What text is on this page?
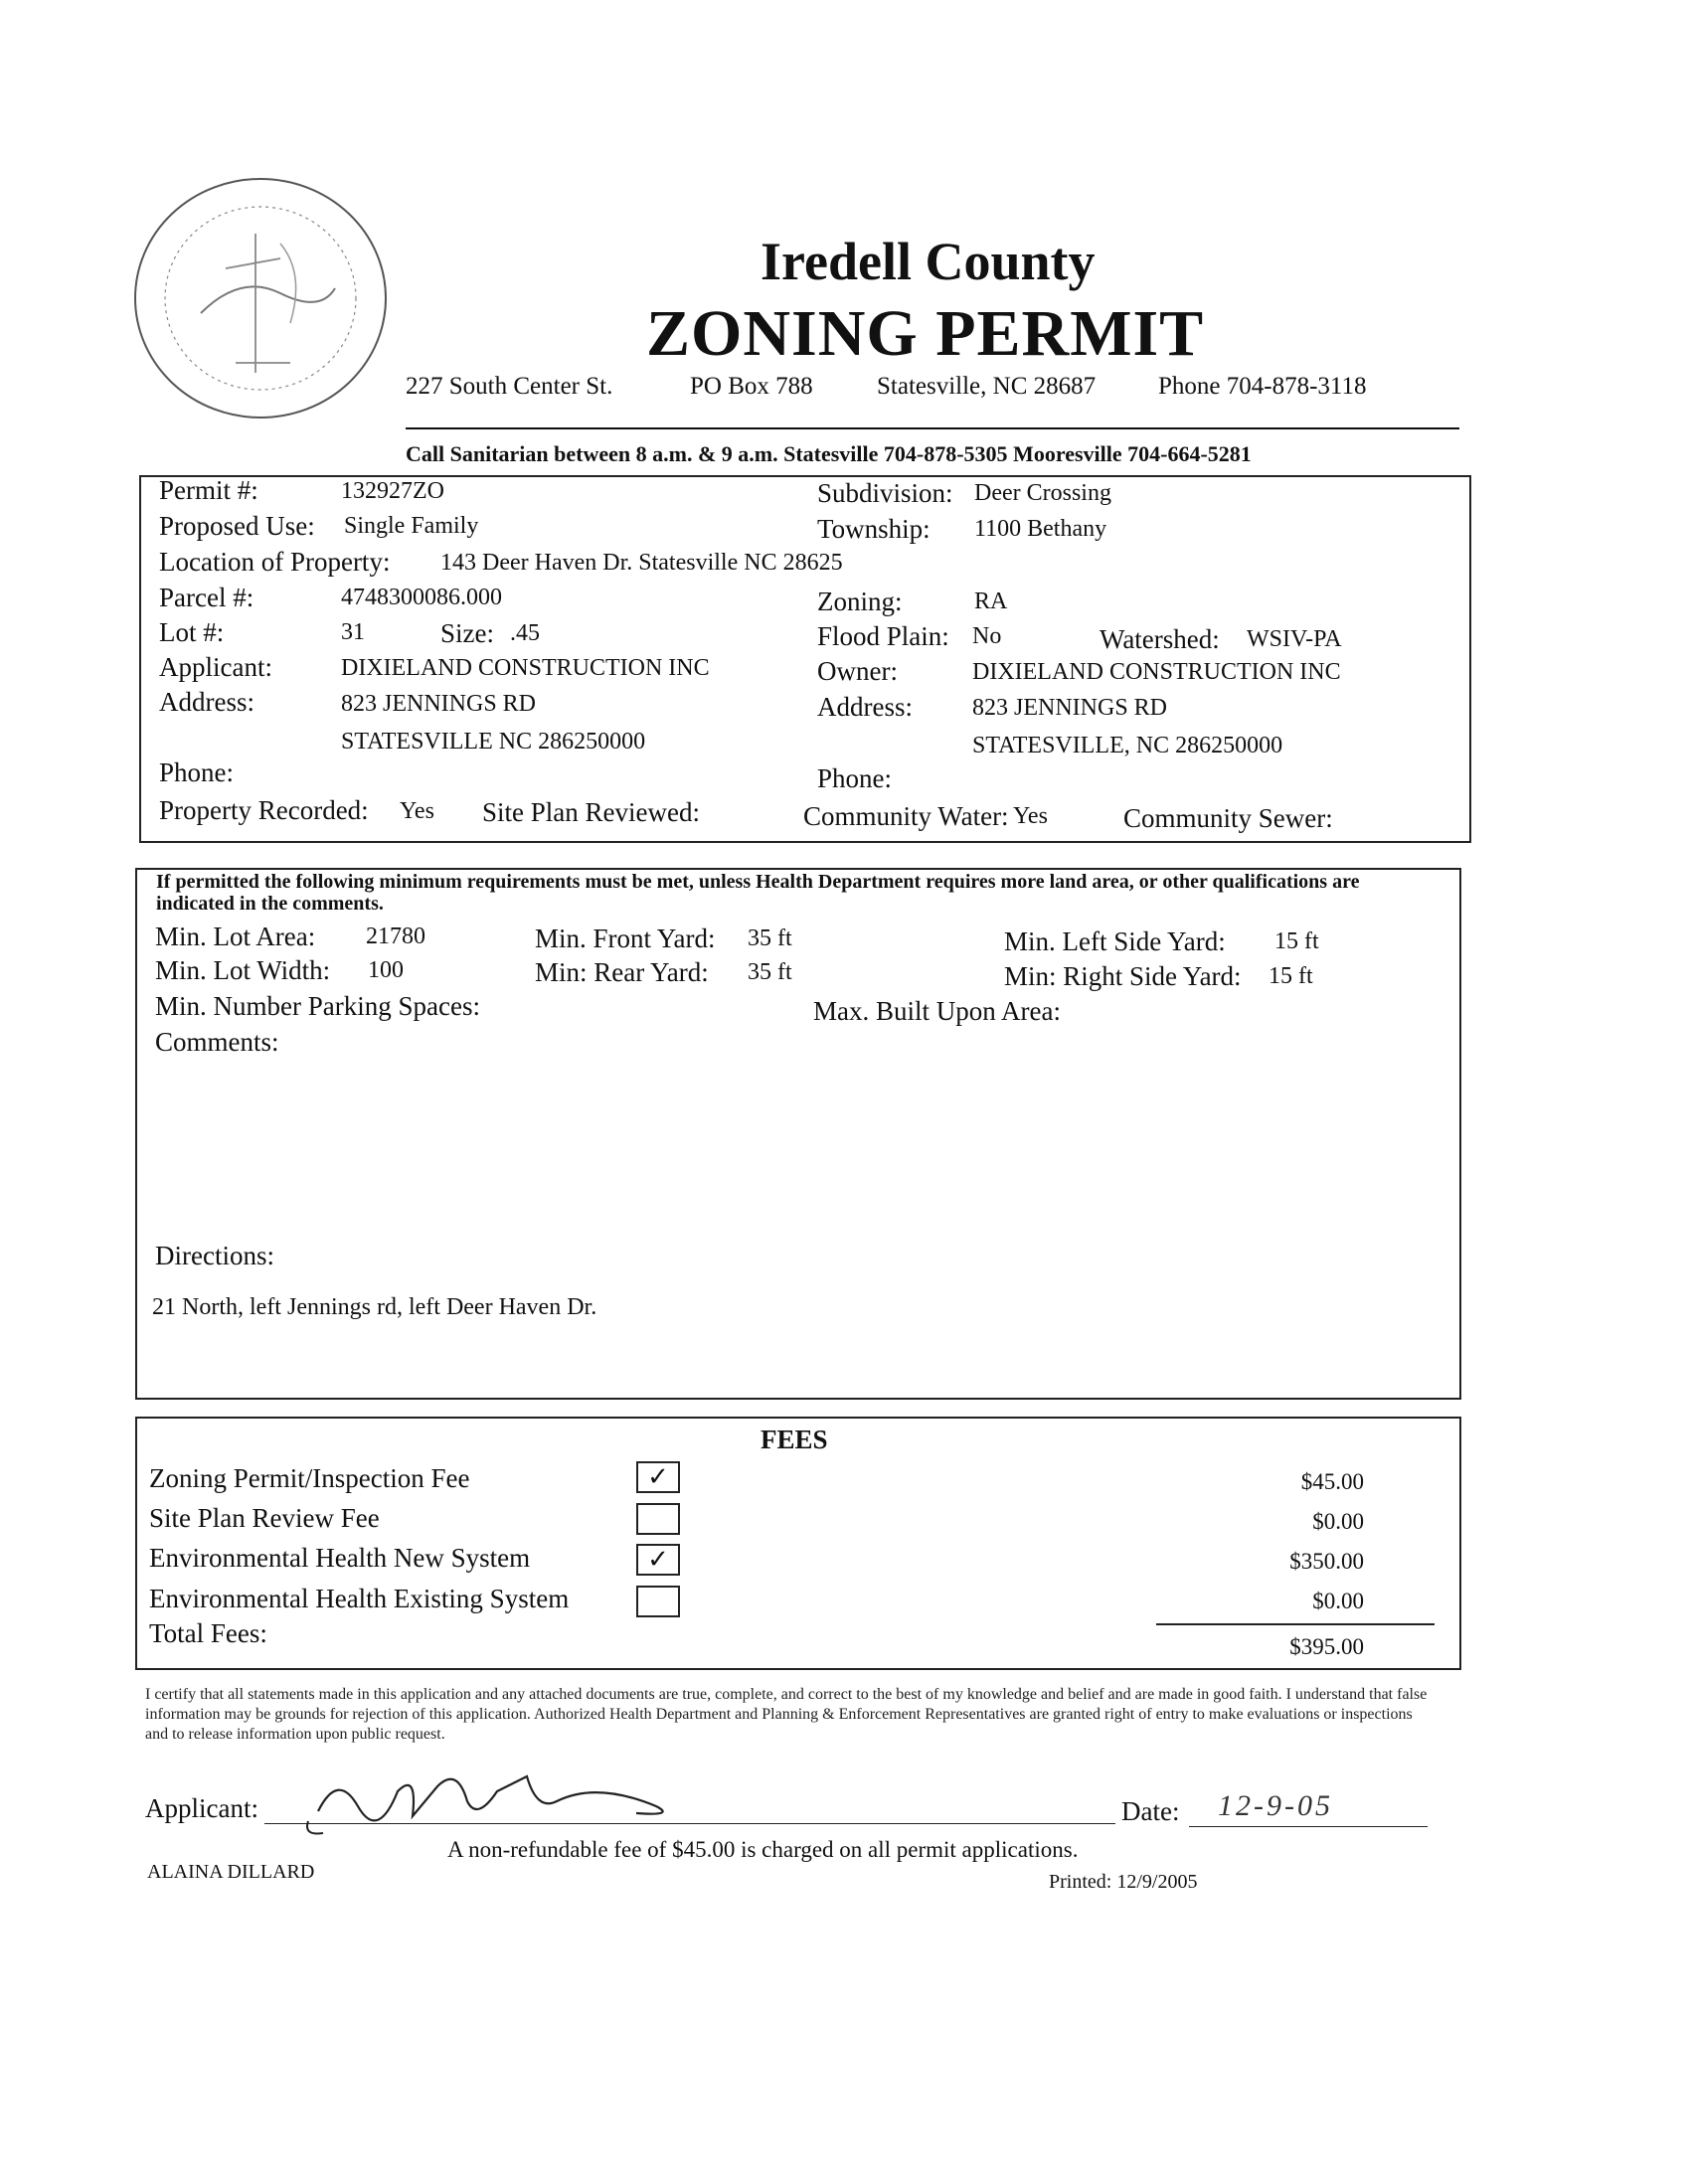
Iredell County
ZONING PERMIT
227 South Center St.	PO Box 788	Statesville, NC 28687	Phone 704-878-3118
Call Sanitarian between 8 a.m. & 9 a.m. Statesville 704-878-5305 Mooresville 704-664-5281
Permit #:	132927ZO	Subdivision: Deer Crossing
Proposed Use: Single Family	Township: 1100 Bethany
Location of Property: 143 Deer Haven Dr. Statesville NC 28625
Parcel #:	4748300086.000	Zoning:	RA
Lot #:	31	Size: .45	Flood Plain: No	Watershed: WSIV-PA
Applicant:	DIXIELAND CONSTRUCTION INC	Owner:	DIXIELAND CONSTRUCTION INC
Address:	823 JENNINGS RD	Address:	823 JENNINGS RD
STATESVILLE NC 286250000	STATESVILLE, NC 286250000
Phone:	Phone:
Property Recorded: Yes Site Plan Reviewed:	Community Water: Yes	Community Sewer:
If permitted the following minimum requirements must be met, unless Health Department requires more land area, or other qualifications are indicated in the comments.
Min. Lot Area: 21780	Min. Front Yard: 35 ft	Min. Left Side Yard: 15 ft
Min. Lot Width: 100	Min: Rear Yard: 35 ft	Min: Right Side Yard: 15 ft
Min. Number Parking Spaces:	Max. Built Upon Area:
Comments:
Directions:
21 North, left Jennings rd, left Deer Haven Dr.
FEES
Zoning Permit/Inspection Fee	✓	$45.00
Site Plan Review Fee	$0.00
Environmental Health New System	✓	$350.00
Environmental Health Existing System	$0.00
Total Fees:	$395.00
I certify that all statements made in this application and any attached documents are true, complete, and correct to the best of my knowledge and belief and are made in good faith. I understand that false information may be grounds for rejection of this application. Authorized Health Department and Planning & Enforcement Representatives are granted right of entry to make evaluations or inspections and to release information upon public request.
Applicant:	Date: 12-9-05
A non-refundable fee of $45.00 is charged on all permit applications.
ALAINA DILLARD	Printed: 12/9/2005
